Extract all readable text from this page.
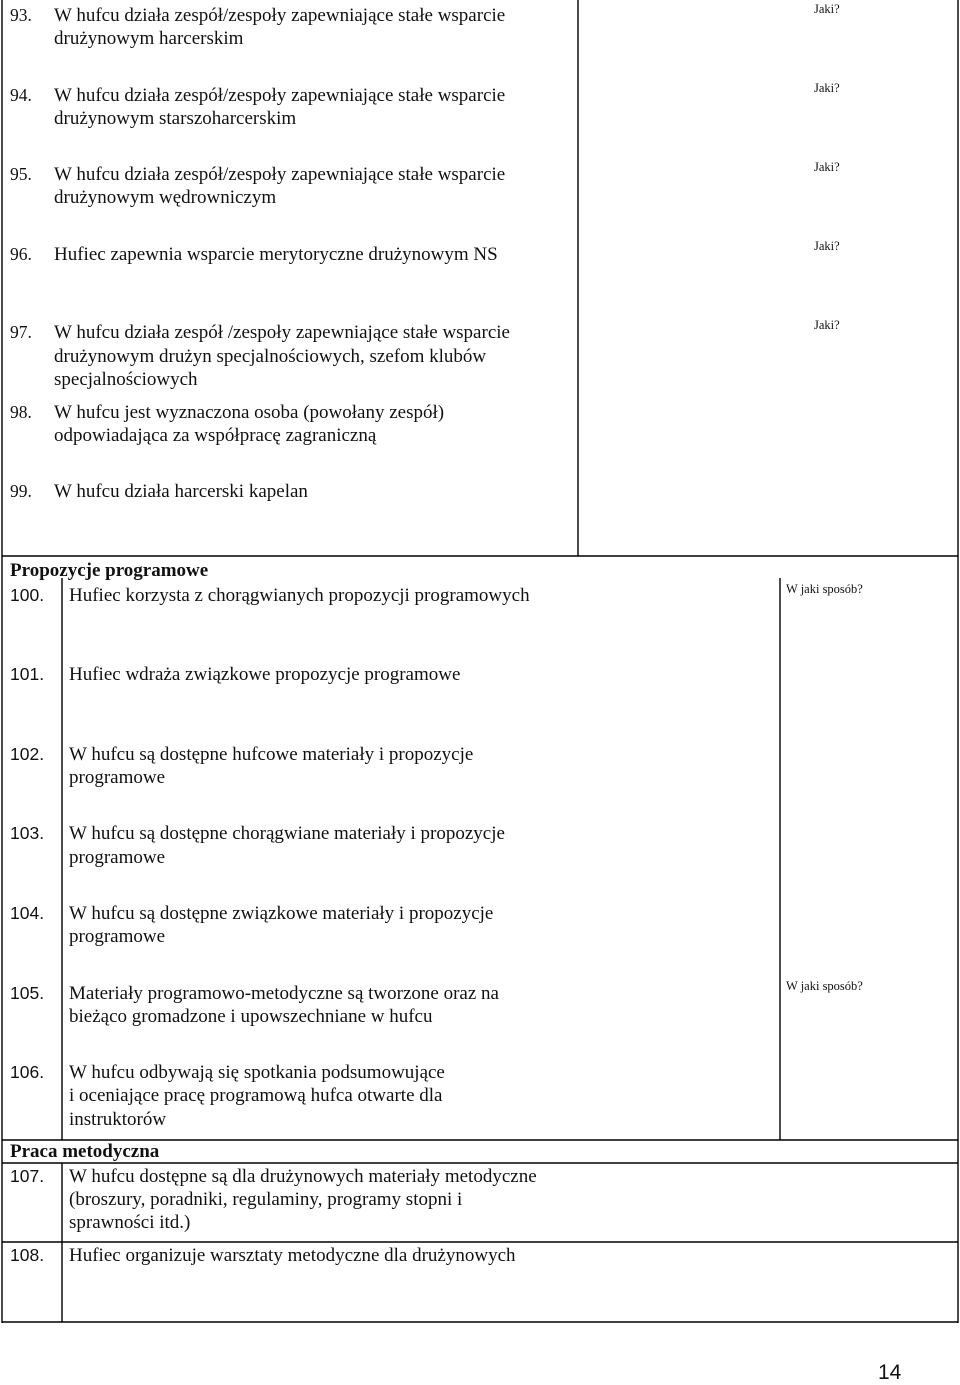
93. W hufcu działa zespół/zespoły zapewniające stałe wsparcie
drużynowym harcerskim
Jaki?
94. W hufcu działa zespół/zespoły zapewniające stałe wsparcie
drużynowym starszoharcerskim
Jaki?
95. W hufcu działa zespół/zespoły zapewniające stałe wsparcie
drużynowym wędrowniczym
Jaki?
96. Hufiec zapewnia wsparcie merytoryczne drużynowym NS	Jaki?
97. W hufcu działa zespół /zespoły zapewniające stałe wsparcie
drużynowym drużyn specjalnościowych, szefom klubów
specjalnościowych
Jaki?
98. W hufcu jest wyznaczona osoba (powołany zespół)
odpowiadająca za współpracę zagraniczną
99. W hufcu działa harcerski kapelan
Propozycje programowe
100. Hufiec korzysta z chorągwianych propozycji programowych	W jaki sposób?
101. Hufiec wdraża związkowe propozycje programowe
102. W hufcu są dostępne hufcowe materiały i propozycje
programowe
103. W hufcu są dostępne chorągwiane materiały i propozycje
programowe
104. W hufcu są dostępne związkowe materiały i propozycje
programowe
105. Materiały programowo-metodyczne są tworzone oraz na
bieżąco gromadzone i upowszechniane w hufcu
W jaki sposób?
106. W hufcu odbywają się spotkania podsumowujące
i oceniające pracę programową hufca otwarte dla
instruktorów
Praca metodyczna
107. W hufcu dostępne są dla drużynowych materiały metodyczne
(broszury, poradniki, regulaminy, programy stopni i
sprawności itd.)
108. Hufiec organizuje warsztaty metodyczne dla drużynowych
14
